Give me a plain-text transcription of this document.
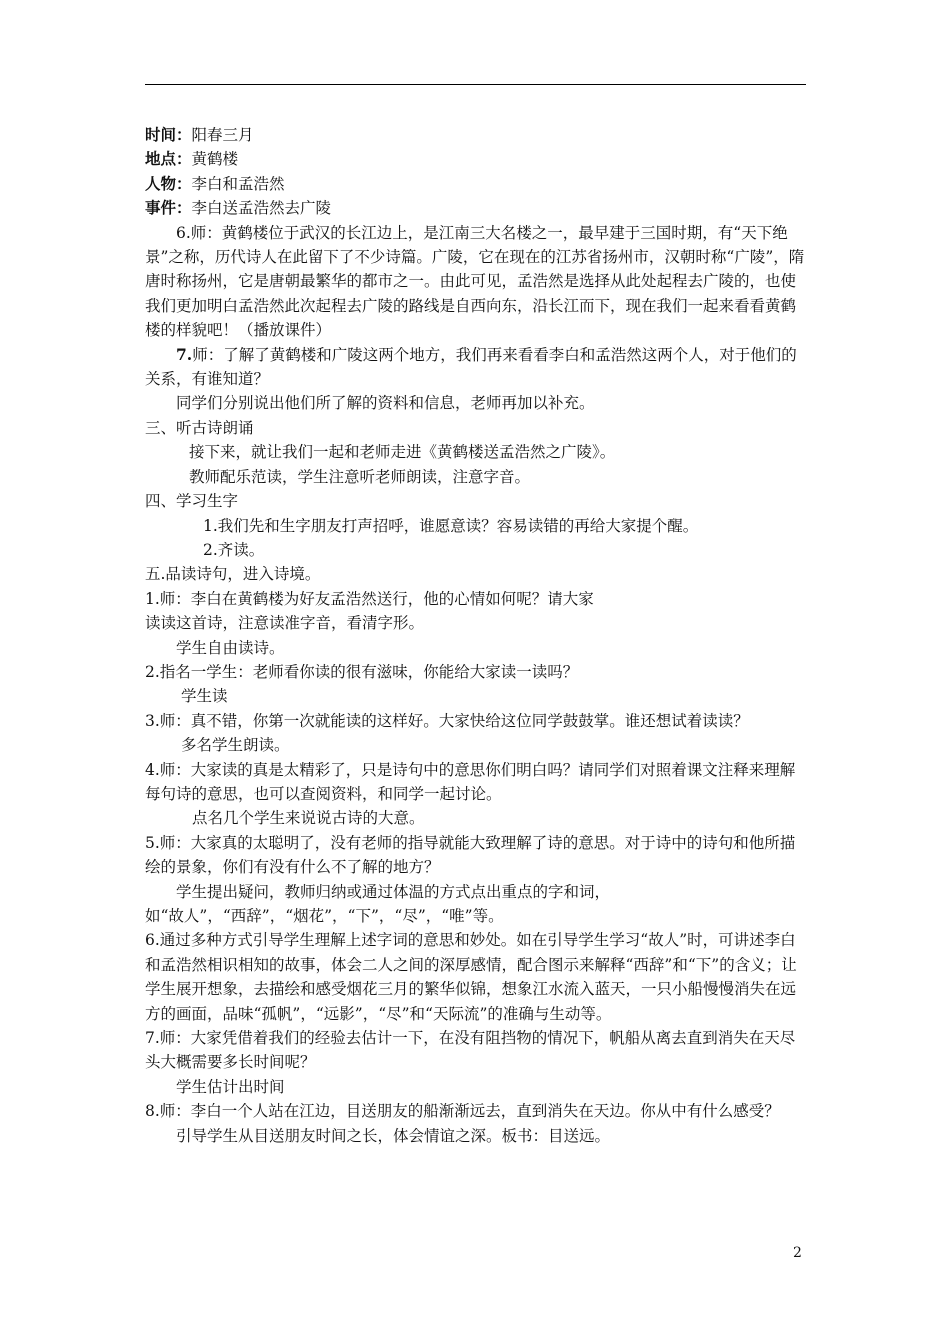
时间：阳春三月

地点：黄鹤楼

人物：李白和孟浩然

事件：李白送孟浩然去广陵

6.师：黄鹤楼位于武汉的长江边上，是江南三大名楼之一，最早建于三国时期，有“天下绝景”之称，历代诗人在此留下了不少诗篇。广陵，它在现在的江苏省扬州市，汉朝时称“广陵”，隋唐时称扬州，它是唐朝最繁华的都市之一。由此可见，孟浩然是选择从此处起程去广陵的，也使我们更加明白孟浩然此次起程去广陵的路线是自西向东，沿长江而下，现在我们一起来看看黄鹤楼的样貌吧！（播放课件）

7.师：了解了黄鹤楼和广陵这两个地方，我们再来看看李白和孟浩然这两个人，对于他们的关系，有谁知道？

同学们分别说出他们所了解的资料和信息，老师再加以补充。

三、听古诗朗诵

接下来，就让我们一起和老师走进《黄鹤楼送孟浩然之广陵》。

教师配乐范读，学生注意听老师朗读，注意字音。

四、学习生字

1.我们先和生字朋友打声招呼，谁愿意读？容易读错的再给大家提个醒。

2.齐读。

五.品读诗句，进入诗境。

1.师：李白在黄鹤楼为好友孟浩然送行，他的心情如何呢？请大家

读读这首诗，注意读准字音，看清字形。

学生自由读诗。

2.指名一学生：老师看你读的很有滋味，你能给大家读一读吗？

学生读

3.师：真不错，你第一次就能读的这样好。大家快给这位同学鼓鼓掌。谁还想试着读读？

多名学生朗读。

4.师：大家读的真是太精彩了，只是诗句中的意思你们明白吗？请同学们对照着课文注释来理解每句诗的意思，也可以查阅资料，和同学一起讨论。

点名几个学生来说说古诗的大意。

5.师：大家真的太聪明了，没有老师的指导就能大致理解了诗的意思。对于诗中的诗句和他所描绘的景象，你们有没有什么不了解的地方？

学生提出疑问，教师归纳或通过体温的方式点出重点的字和词，

如“故人”，“西辞”，“烟花”，“下”，“尽”，“唯”等。

6.通过多种方式引导学生理解上述字词的意思和妙处。如在引导学生学习“故人”时，可讲述李白和孟浩然相识相知的故事，体会二人之间的深厚感情，配合图示来解释“西辞”和“下”的含义；让学生展开想象，去描绘和感受烟花三月的繁华似锦，想象江水流入蓝天，一只小船慢慢消失在远方的画面，品味“孤帆”，“远影”，“尽”和“天际流”的准确与生动等。

7.师：大家凭借着我们的经验去估计一下，在没有阻挡物的情况下，帆船从离去直到消失在天尽头大概需要多长时间呢？

学生估计出时间

8.师：李白一个人站在江边，目送朋友的船渐渐远去，直到消失在天边。你从中有什么感受？

引导学生从目送朋友时间之长，体会情谊之深。板书：目送远。

2
